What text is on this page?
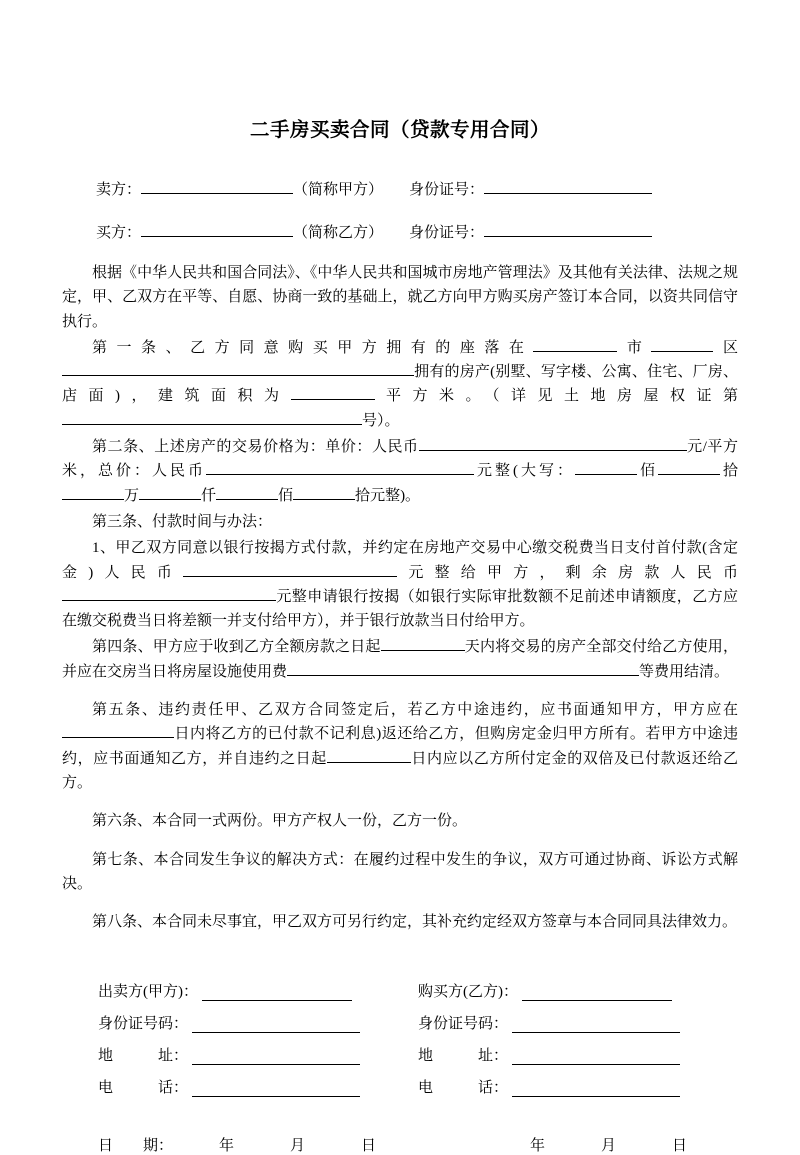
二手房买卖合同（贷款专用合同）
卖方：	（简称甲方） 身份证号：
买方：	（简称乙方） 身份证号：

根据《中华人民共和国合同法》、《中华人民共和国城市房地产管理法》及其他有关法律、法规之规定，甲、乙双方在平等、自愿、协商一致的基础上，就乙方向甲方购买房产签订本合同，以资共同信守执行。

第一条、乙方同意购买甲方拥有的座落在	市	区拥有的房产(别墅、写字楼、公寓、住宅、厂房、店面)，建筑面积为	平方米。（详见土地房屋权证第号）。

第二条、上述房产的交易价格为：单价：人民币	元/平方米，总价：人民币	元整(大写：	佰	拾万	仟	佰	拾元整)。

第三条、付款时间与办法：

1、甲乙双方同意以银行按揭方式付款，并约定在房地产交易中心缴交税费当日支付首付款(含定金)人民币	元整给甲方，剩余房款人民币元整申请银行按揭（如银行实际审批数额不足前述申请额度，乙方应在缴交税费当日将差额一并支付给甲方），并于银行放款当日付给甲方。

第四条、甲方应于收到乙方全额房款之日起	天内将交易的房产全部交付给乙方使用，并应在交房当日将房屋设施使用费	等费用结清。

第五条、违约责任甲、乙双方合同签定后，若乙方中途违约，应书面通知甲方，甲方应在日内将乙方的已付款不记利息)返还给乙方，但购房定金归甲方所有。若甲方中途违约，应书面通知乙方，并自违约之日起	日内应以乙方所付定金的双倍及已付款返还给乙方。

第六条、本合同一式两份。甲方产权人一份，乙方一份。

第七条、本合同发生争议的解决方式：在履约过程中发生的争议，双方可通过协商、诉讼方式解决。

第八条、本合同未尽事宜，甲乙双方可另行约定，其补充约定经双方签章与本合同同具法律效力。

出卖方(甲方)：
身份证号码：
地　　　址：
电　　　话：
购买方(乙方)：
身份证号码：
地　　　址：
电　　　话：
日　　期：	年	月	日	年	月	日
